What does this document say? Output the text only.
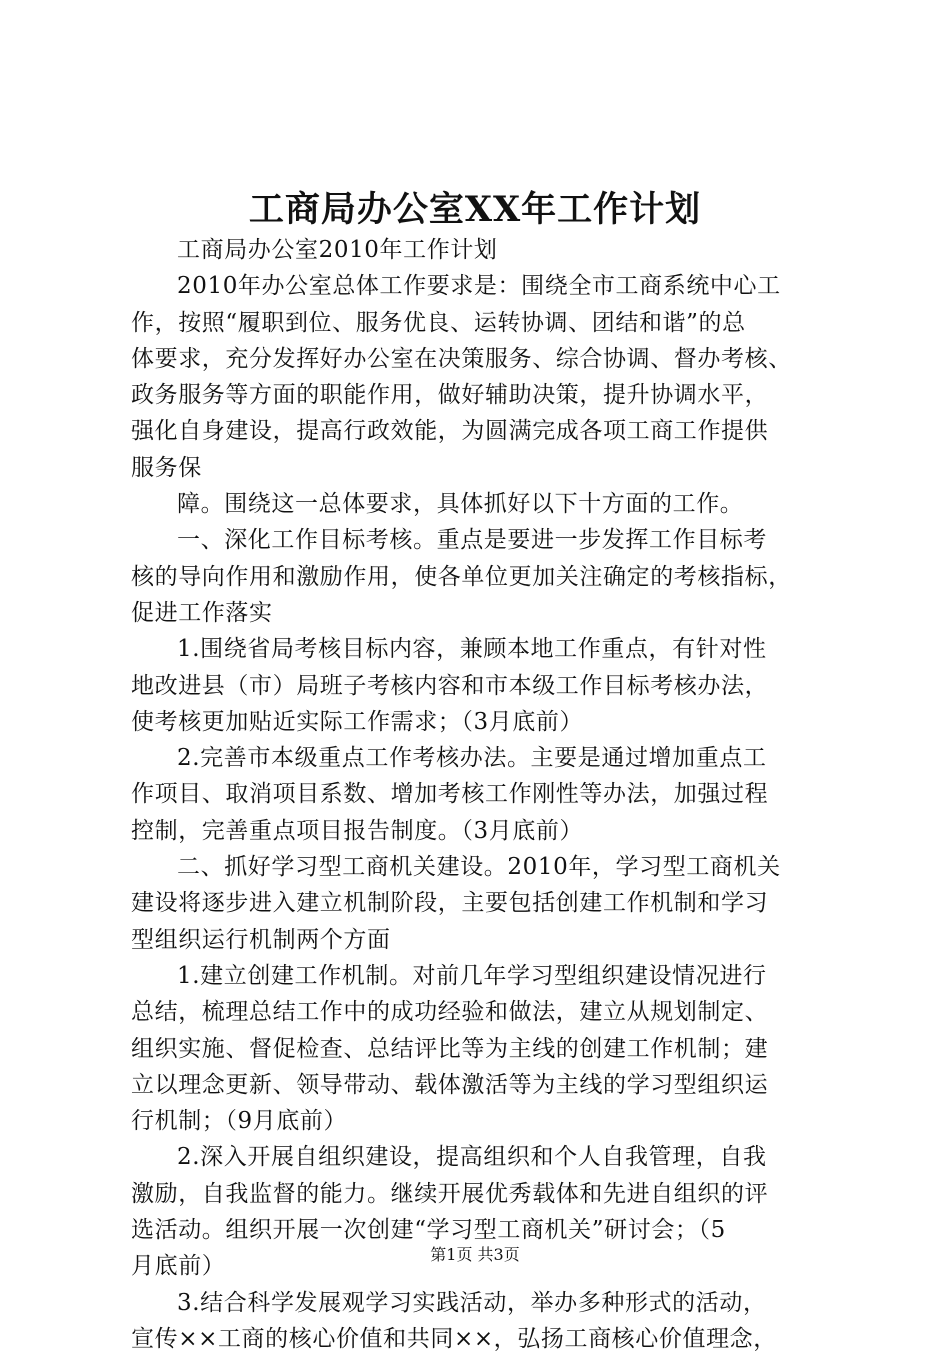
工商局办公室XX年工作计划
工商局办公室2010年工作计划
2010年办公室总体工作要求是：围绕全市工商系统中心工
作，按照“履职到位、服务优良、运转协调、团结和谐”的总
体要求，充分发挥好办公室在决策服务、综合协调、督办考核、
政务服务等方面的职能作用，做好辅助决策，提升协调水平，
强化自身建设，提高行政效能，为圆满完成各项工商工作提供
服务保
障。围绕这一总体要求，具体抓好以下十方面的工作。
一、深化工作目标考核。重点是要进一步发挥工作目标考
核的导向作用和激励作用，使各单位更加关注确定的考核指标，
促进工作落实
1.围绕省局考核目标内容，兼顾本地工作重点，有针对性
地改进县（市）局班子考核内容和市本级工作目标考核办法，
使考核更加贴近实际工作需求；（3月底前）
2.完善市本级重点工作考核办法。主要是通过增加重点工
作项目、取消项目系数、增加考核工作刚性等办法，加强过程
控制，完善重点项目报告制度。（3月底前）
二、抓好学习型工商机关建设。2010年，学习型工商机关
建设将逐步进入建立机制阶段，主要包括创建工作机制和学习
型组织运行机制两个方面
1.建立创建工作机制。对前几年学习型组织建设情况进行
总结，梳理总结工作中的成功经验和做法，建立从规划制定、
组织实施、督促检查、总结评比等为主线的创建工作机制；建
立以理念更新、领导带动、载体激活等为主线的学习型组织运
行机制；（9月底前）
2.深入开展自组织建设，提高组织和个人自我管理，自我
激励，自我监督的能力。继续开展优秀载体和先进自组织的评
选活动。组织开展一次创建“学习型工商机关”研讨会；（5
月底前）
3.结合科学发展观学习实践活动，举办多种形式的活动，
宣传××工商的核心价值和共同××，弘扬工商核心价值理念，
第1页 共3页
